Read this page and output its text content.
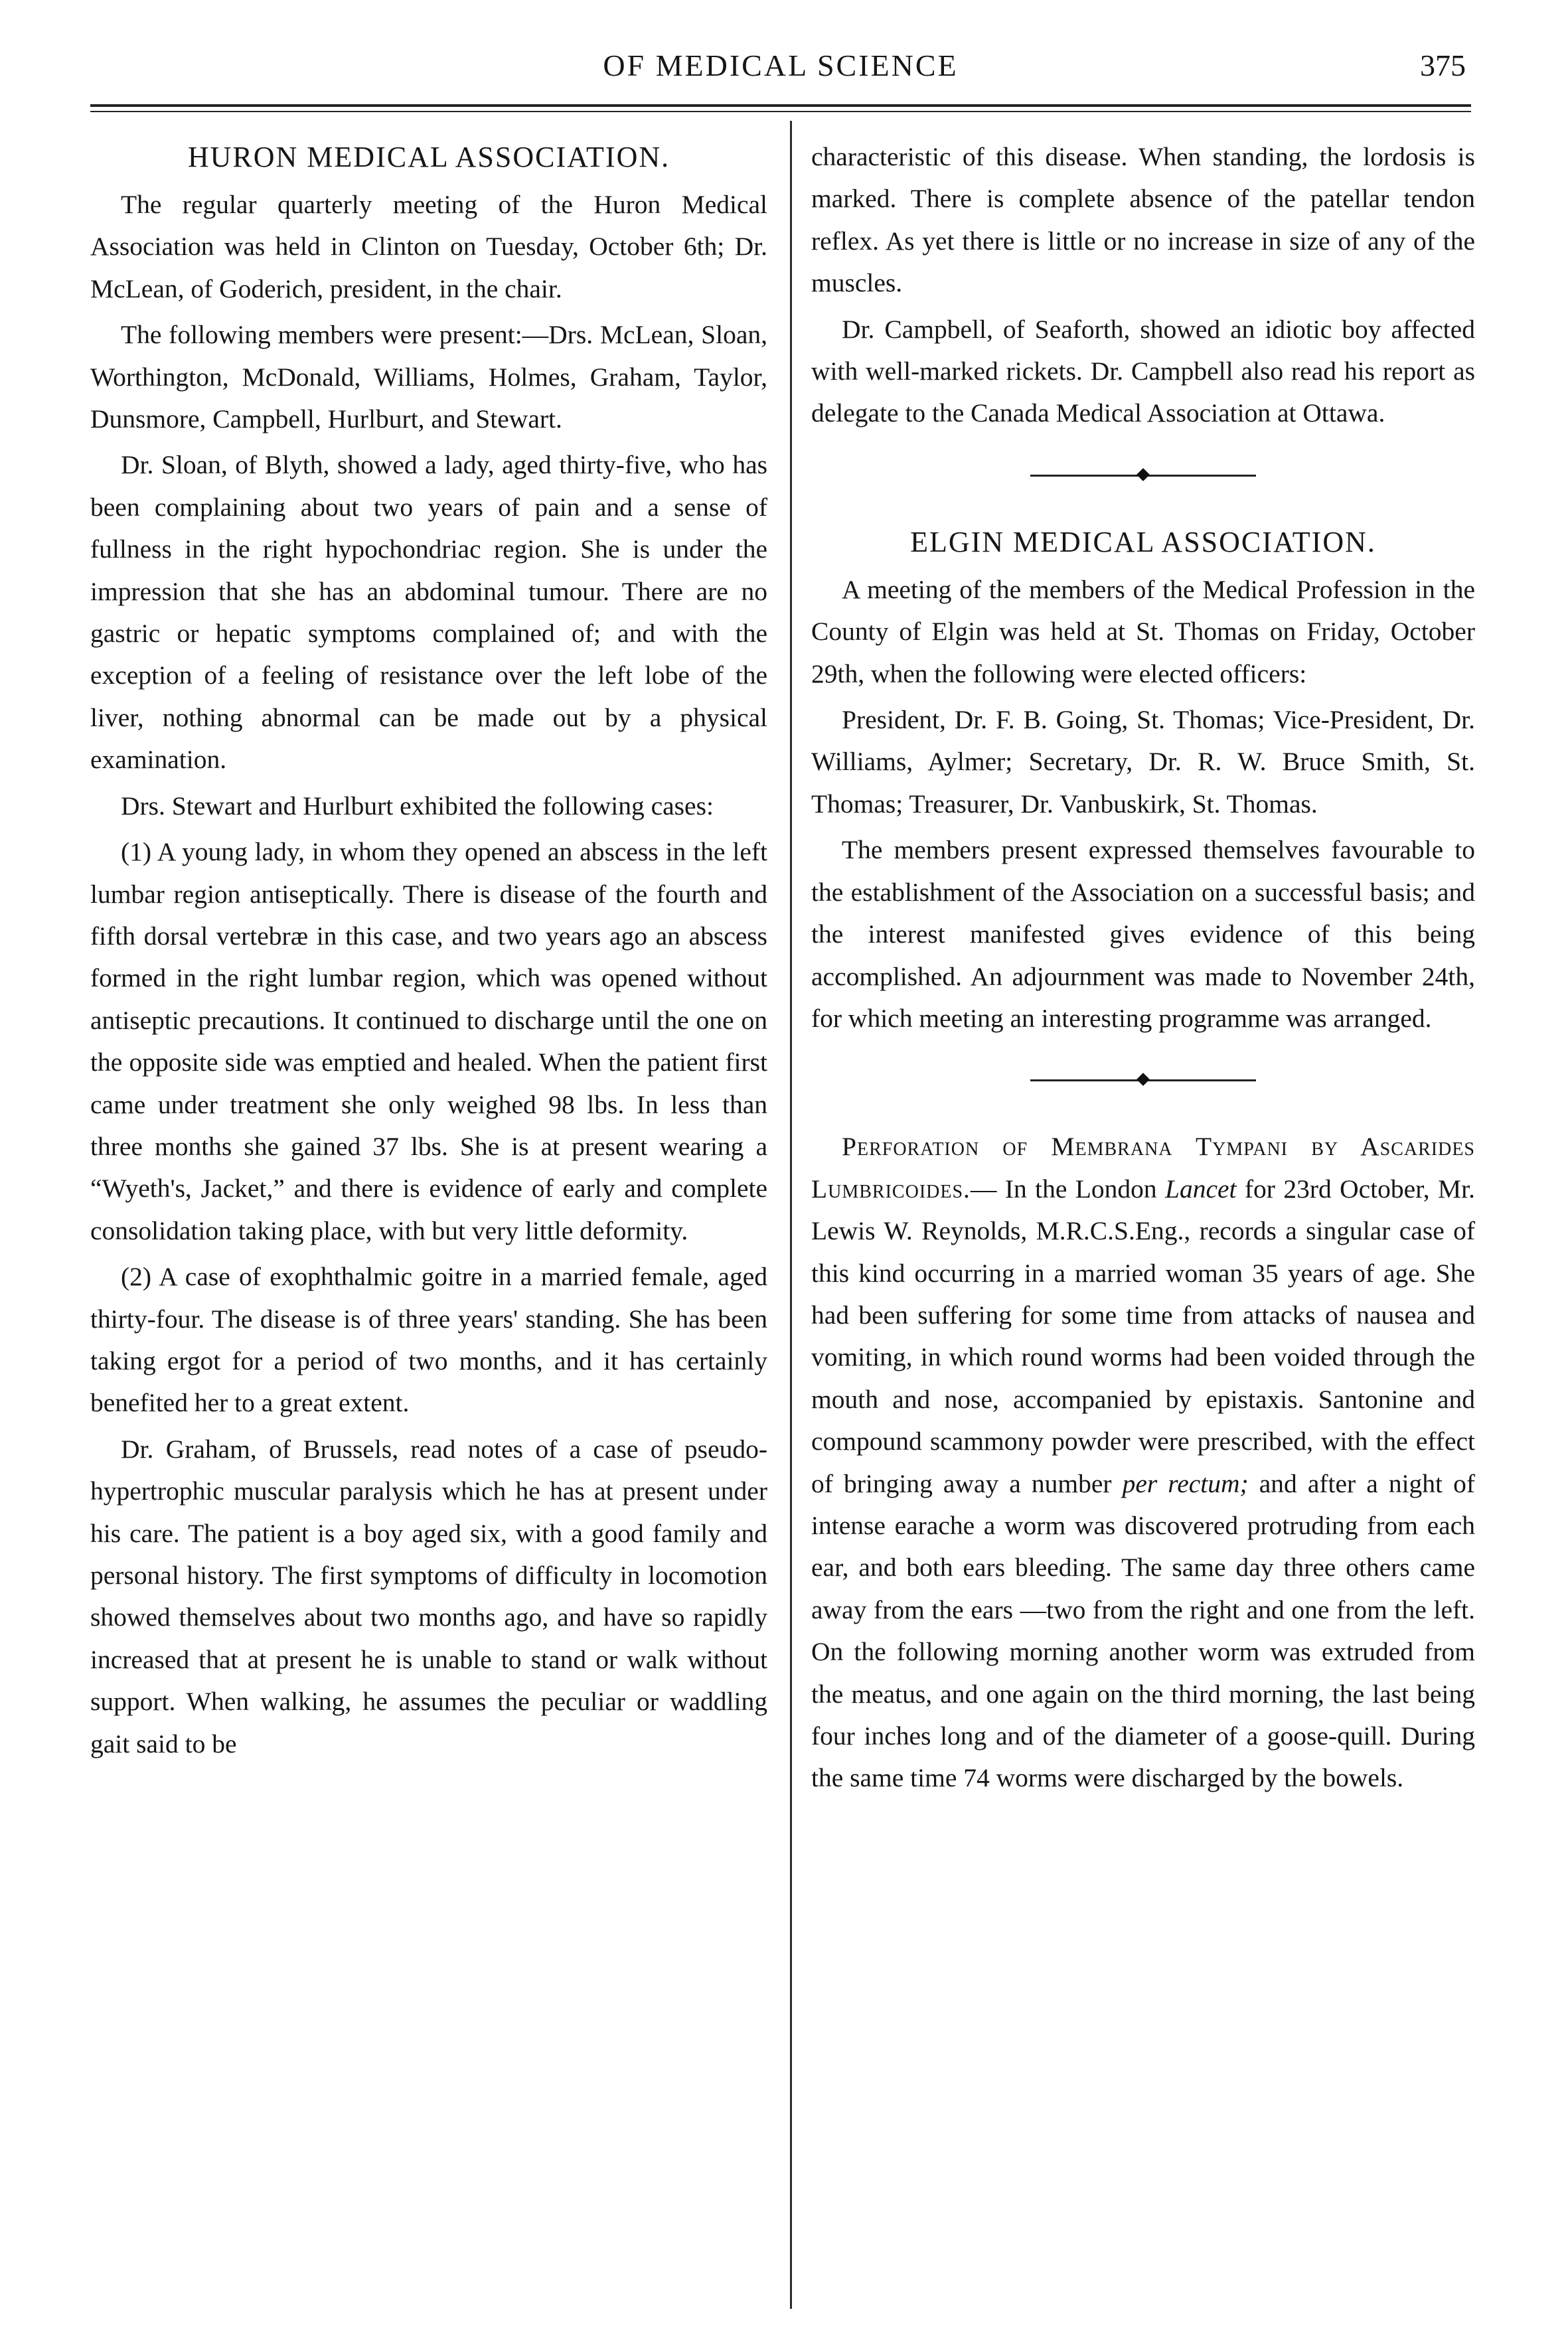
OF MEDICAL SCIENCE	375
HURON MEDICAL ASSOCIATION.

The regular quarterly meeting of the Huron Medical Association was held in Clinton on Tuesday, October 6th; Dr. McLean, of Goderich, president, in the chair.

The following members were present:—Drs. McLean, Sloan, Worthington, McDonald, Williams, Holmes, Graham, Taylor, Dunsmore, Campbell, Hurlburt, and Stewart.

Dr. Sloan, of Blyth, showed a lady, aged thirty-five, who has been complaining about two years of pain and a sense of fullness in the right hypochondriac region. She is under the impression that she has an abdominal tumour. There are no gastric or hepatic symptoms complained of; and with the exception of a feeling of resistance over the left lobe of the liver, nothing abnormal can be made out by a physical examination.

Drs. Stewart and Hurlburt exhibited the following cases:

(1) A young lady, in whom they opened an abscess in the left lumbar region antiseptically. There is disease of the fourth and fifth dorsal vertebræ in this case, and two years ago an abscess formed in the right lumbar region, which was opened without antiseptic precautions. It continued to discharge until the one on the opposite side was emptied and healed. When the patient first came under treatment she only weighed 98 lbs. In less than three months she gained 37 lbs. She is at present wearing a “Wyeth's, Jacket,” and there is evidence of early and complete consolidation taking place, with but very little deformity.

(2) A case of exophthalmic goitre in a married female, aged thirty-four. The disease is of three years' standing. She has been taking ergot for a period of two months, and it has certainly benefited her to a great extent.

Dr. Graham, of Brussels, read notes of a case of pseudo-hypertrophic muscular paralysis which he has at present under his care. The patient is a boy aged six, with a good family and personal history. The first symptoms of difficulty in locomotion showed themselves about two months ago, and have so rapidly increased that at present he is unable to stand or walk without support. When walking, he assumes the peculiar or waddling gait said to be

characteristic of this disease. When standing, the lordosis is marked. There is complete absence of the patellar tendon reflex. As yet there is little or no increase in size of any of the muscles.

Dr. Campbell, of Seaforth, showed an idiotic boy affected with well-marked rickets. Dr. Campbell also read his report as delegate to the Canada Medical Association at Ottawa.

ELGIN MEDICAL ASSOCIATION.

A meeting of the members of the Medical Profession in the County of Elgin was held at St. Thomas on Friday, October 29th, when the following were elected officers:

President, Dr. F. B. Going, St. Thomas; Vice-President, Dr. Williams, Aylmer; Secretary, Dr. R. W. Bruce Smith, St. Thomas; Treasurer, Dr. Vanbuskirk, St. Thomas.

The members present expressed themselves favourable to the establishment of the Association on a successful basis; and the interest manifested gives evidence of this being accomplished. An adjournment was made to November 24th, for which meeting an interesting programme was arranged.

Perforation of Membrana Tympani by Ascarides Lumbricoides.— In the London Lancet for 23rd October, Mr. Lewis W. Reynolds, M.R.C.S.Eng., records a singular case of this kind occurring in a married woman 35 years of age. She had been suffering for some time from attacks of nausea and vomiting, in which round worms had been voided through the mouth and nose, accompanied by epistaxis. Santonine and compound scammony powder were prescribed, with the effect of bringing away a number per rectum; and after a night of intense earache a worm was discovered protruding from each ear, and both ears bleeding. The same day three others came away from the ears —two from the right and one from the left. On the following morning another worm was extruded from the meatus, and one again on the third morning, the last being four inches long and of the diameter of a goose-quill. During the same time 74 worms were discharged by the bowels.
